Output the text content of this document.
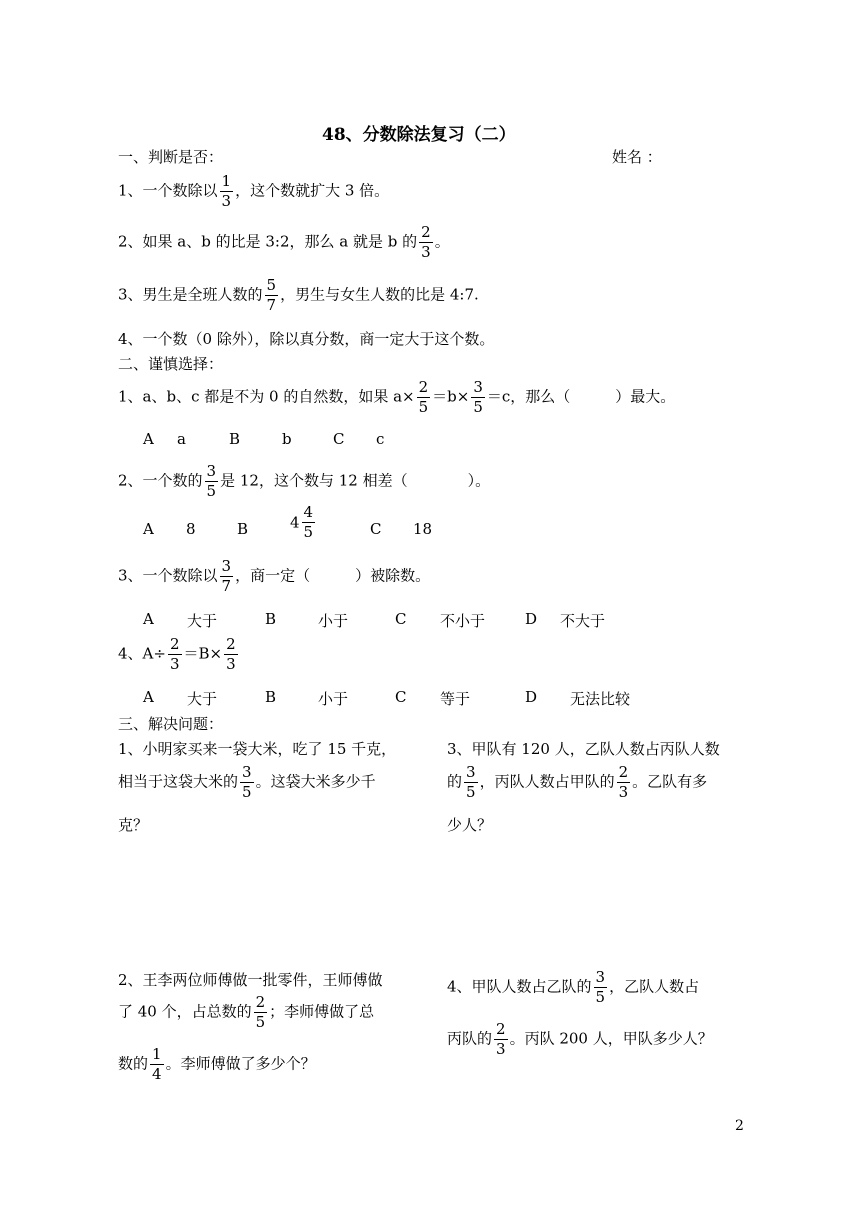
48、分数除法复习（二）
一、判断是否：	姓名 ：
1、一个数除以 $\frac{1}{3}$ ，这个数就扩大 3 倍。
2、如果 a、b 的比是 3:2，那么 a 就是 b 的 $\frac{2}{3}$ 。
3、男生是全班人数的 $\frac{5}{7}$ ，男生与女生人数的比是 4:7.
4、一个数（0 除外），除以真分数，商一定大于这个数。
二、谨慎选择：
1、a、b、c 都是不为 0 的自然数，如果 $a\times \frac{2}{5} =b\times \frac{3}{5} =c$，那么（　　　）最大。
A a	B	b	C c
2、一个数的 $\frac{3}{5}$ 是 12，这个数与 12 相差（　　　　）。
A 8	B	$4 \frac{4}{5}$	C 18
3、一个数除以 $\frac{3}{7}$ ，商一定（　　　）被除数。
A 大于	B	小于	C 不小于	D 不大于
4、$A\div \frac{2}{3} =B\times \frac{2}{3}$
A 大于	B	小于	C 等于	D 无法比较
三、解决问题：
1、小明家买来一袋大米，吃了 15 千克，
相当于这袋大米的 $\frac{3}{5}$ 。这袋大米多少千
克？
3、甲队有 120 人，乙队人数占丙队人数
的 $\frac{3}{5}$ ，丙队人数占甲队的 $\frac{2}{3}$ 。乙队有多
少人？
2、王李两位师傅做一批零件，王师傅做
了 40 个，占总数的 $\frac{2}{5}$ ；李师傅做了总
数的 $\frac{1}{4}$ 。李师傅做了多少个？
4、甲队人数占乙队的 $\frac{3}{5}$ ，乙队人数占
丙队的 $\frac{2}{3}$ 。丙队 200 人，甲队多少人？
2
